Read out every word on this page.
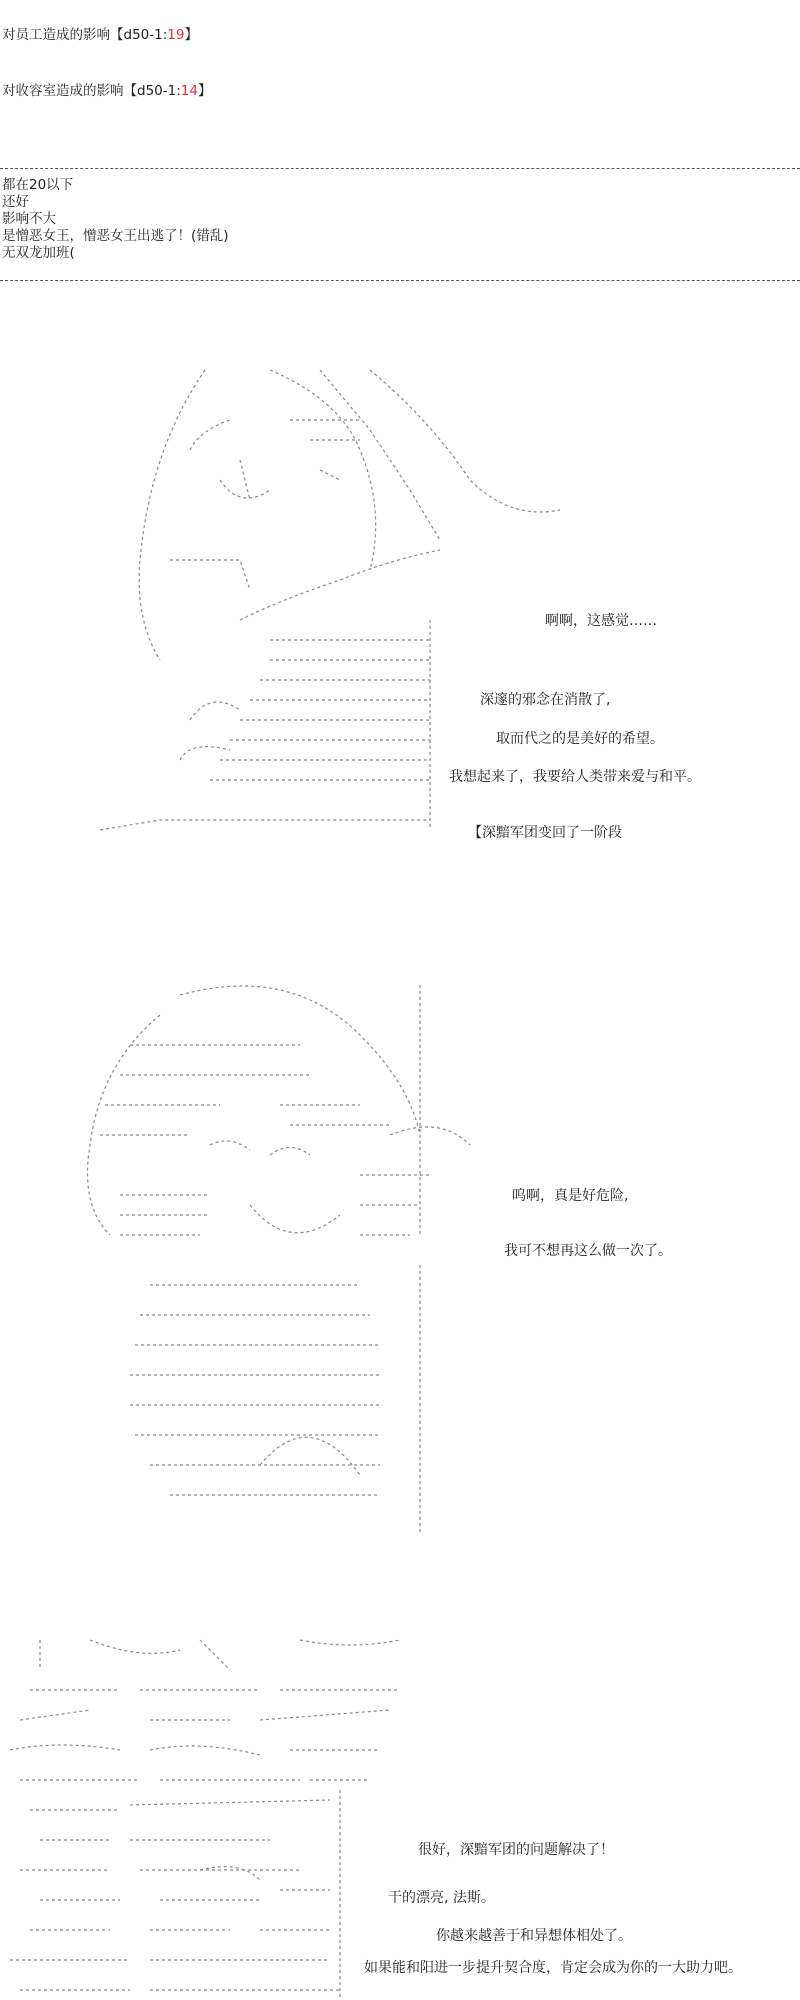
对员工造成的影响【d50-1:19】
对收容室造成的影响【d50-1:14】
都在20以下
还好
影响不大
是憎恶女王，憎恶女王出逃了！(错乱)
无双龙加班(
啊啊，这感觉……
深邃的邪念在消散了,
取而代之的是美好的希望。
我想起来了，我要给人类带来爱与和平。
【深黯军团变回了一阶段
呜啊，真是好危险,
我可不想再这么做一次了。
很好，深黯军团的问题解决了！
干的漂亮, 法斯。
你越来越善于和异想体相处了。
如果能和阳进一步提升契合度，肯定会成为你的一大助力吧。
